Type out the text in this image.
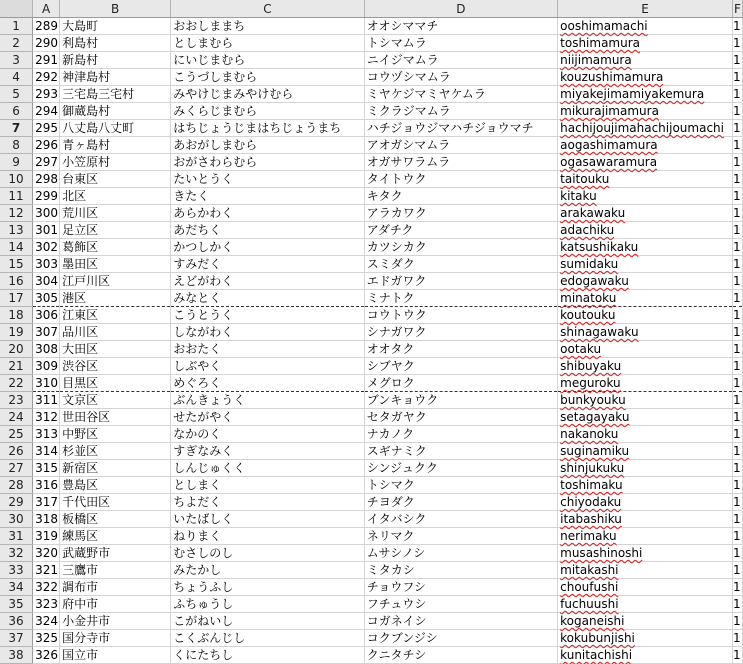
	A	B	C	D	E	F
1	289	大島町	おおしままち	オオシママチ	ooshimamachi	1
2	290	利島村	としまむら	トシマムラ	toshimamura	1
3	291	新島村	にいじまむら	ニイジマムラ	niijimamura	1
4	292	神津島村	こうづしまむら	コウヅシマムラ	kouzushimamura	1
5	293	三宅島三宅村	みやけじまみやけむら	ミヤケジマミヤケムラ	miyakejimamiyakemura	1
6	294	御蔵島村	みくらじまむら	ミクラジマムラ	mikurajimamura	1
7	295	八丈島八丈町	はちじょうじまはちじょうまち	ハチジョウジマハチジョウマチ	hachijoujimahachijoumachi	1
8	296	青ヶ島村	あおがしまむら	アオガシマムラ	aogashimamura	1
9	297	小笠原村	おがさわらむら	オガサワラムラ	ogasawaramura	1
10	298	台東区	たいとうく	タイトウク	taitouku	1
11	299	北区	きたく	キタク	kitaku	1
12	300	荒川区	あらかわく	アラカワク	arakawaku	1
13	301	足立区	あだちく	アダチク	adachiku	1
14	302	葛飾区	かつしかく	カツシカク	katsushikaku	1
15	303	墨田区	すみだく	スミダク	sumidaku	1
16	304	江戸川区	えどがわく	エドガワク	edogawaku	1
17	305	港区	みなとく	ミナトク	minatoku	1
18	306	江東区	こうとうく	コウトウク	koutouku	1
19	307	品川区	しながわく	シナガワク	shinagawaku	1
20	308	大田区	おおたく	オオタク	ootaku	1
21	309	渋谷区	しぶやく	シブヤク	shibuyaku	1
22	310	目黒区	めぐろく	メグロク	meguroku	1
23	311	文京区	ぶんきょうく	ブンキョウク	bunkyouku	1
24	312	世田谷区	せたがやく	セタガヤク	setagayaku	1
25	313	中野区	なかのく	ナカノク	nakanoku	1
26	314	杉並区	すぎなみく	スギナミク	suginamiku	1
27	315	新宿区	しんじゅくく	シンジュクク	shinjukuku	1
28	316	豊島区	としまく	トシマク	toshimaku	1
29	317	千代田区	ちよだく	チヨダク	chiyodaku	1
30	318	板橋区	いたばしく	イタバシク	itabashiku	1
31	319	練馬区	ねりまく	ネリマク	nerimaku	1
32	320	武蔵野市	むさしのし	ムサシノシ	musashinoshi	1
33	321	三鷹市	みたかし	ミタカシ	mitakashi	1
34	322	調布市	ちょうふし	チョウフシ	choufushi	1
35	323	府中市	ふちゅうし	フチュウシ	fuchuushi	1
36	324	小金井市	こがねいし	コガネイシ	koganeishi	1
37	325	国分寺市	こくぶんじし	コクブンジシ	kokubunjishi	1
38	326	国立市	くにたちし	クニタチシ	kunitachishi	1
